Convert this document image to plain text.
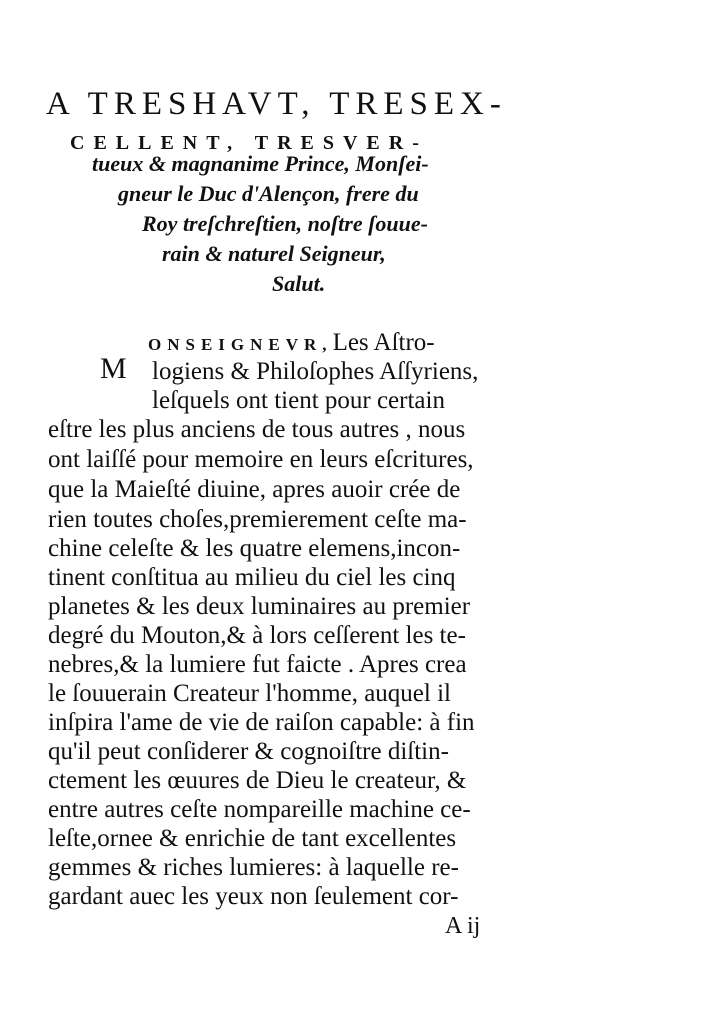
A TRESHAVT, TRESEX-
CELLENT, TRESVER-
tueux & magnanime Prince, Monſei-
gneur le Duc d'Alençon, frere du
Roy treſchreſtien, noſtre ſouue-
rain & naturel Seigneur,
Salut.
M
ONSEIGNEVR,Les Aſtro-
logiens & Philoſophes Aſſyriens,
leſquels ont tient pour certain
eſtre les plus anciens de tous autres , nous
ont laiſſé pour memoire en leurs eſcritures,
que la Maieſté diuine, apres auoir crée de
rien toutes choſes,premierement ceſte ma-
chine celeſte & les quatre elemens,incon-
tinent conſtitua au milieu du ciel les cinq
planetes & les deux luminaires au premier
degré du Mouton,& à lors ceſſerent les te-
nebres,& la lumiere fut faicte . Apres crea
le ſouuerain Createur l'homme, auquel il
inſpira l'ame de vie de raiſon capable: à fin
qu'il peut conſiderer & cognoiſtre diſtin-
ctement les œuures de Dieu le createur, &
entre autres ceſte nompareille machine ce-
leſte,ornee & enrichie de tant excellentes
gemmes & riches lumieres: à laquelle re-
gardant auec les yeux non ſeulement cor-
A ij
